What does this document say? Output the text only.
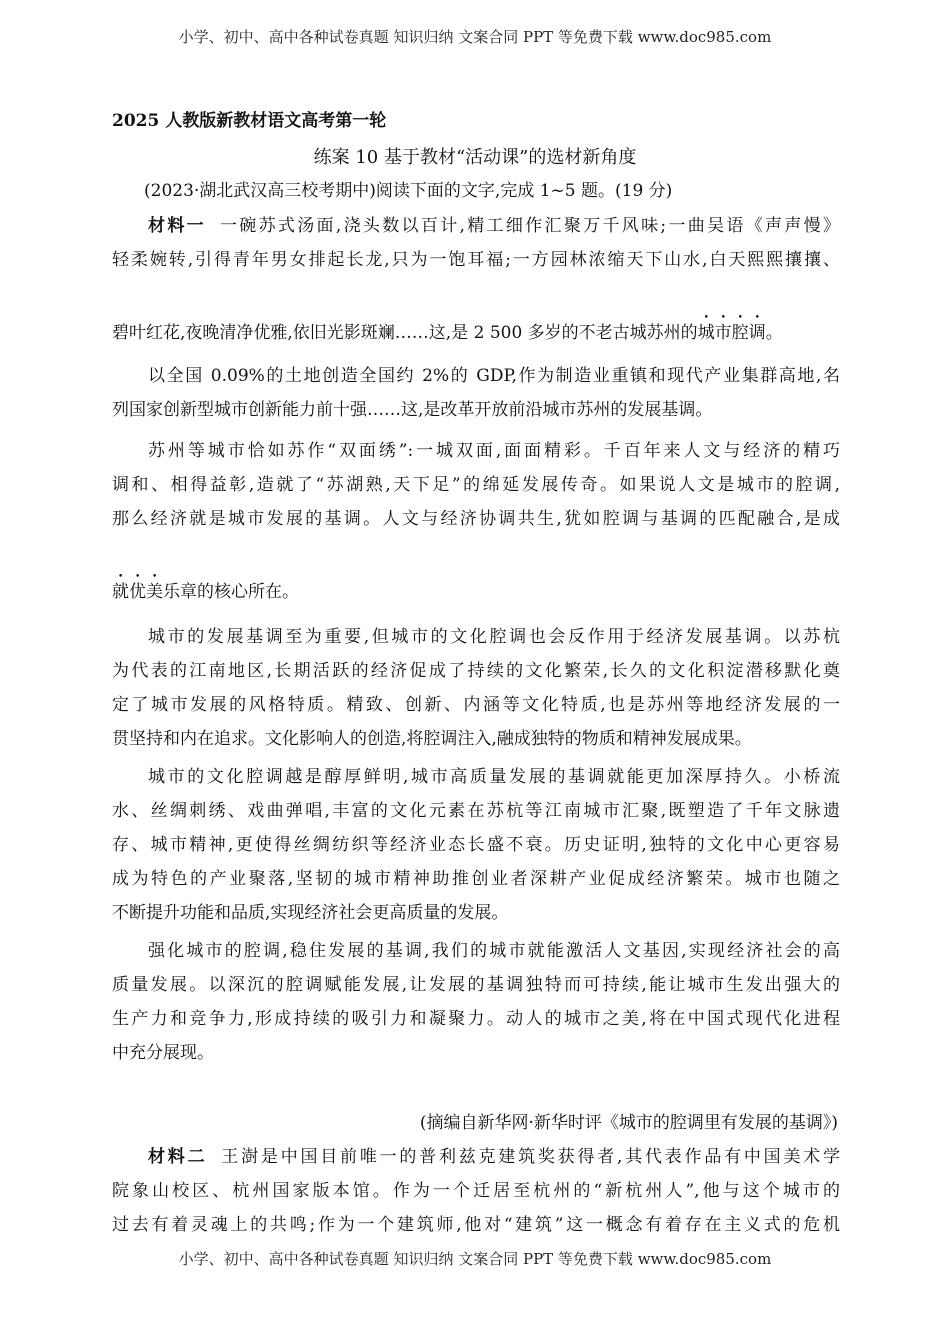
小学、初中、高中各种试卷真题 知识归纳 文案合同 PPT 等免费下载 www.doc985.com
2025 人教版新教材语文高考第一轮
练案 10 基于教材“活动课”的选材新角度
(2023·湖北武汉高三校考期中)阅读下面的文字,完成 1~5 题。(19 分)
材料一 一碗苏式汤面,浇头数以百计,精工细作汇聚万千风味;一曲吴语《声声慢》
轻柔婉转,引得青年男女排起长龙,只为一饱耳福;一方园林浓缩天下山水,白天熙熙攘攘、
碧叶红花,夜晚清净优雅,依旧光影斑斓……这,是 2 500 多岁的不老古城苏州的城市腔调。
以全国 0.09%的土地创造全国约 2%的 GDP,作为制造业重镇和现代产业集群高地,名
列国家创新型城市创新能力前十强……这,是改革开放前沿城市苏州的发展基调。
苏州等城市恰如苏作“双面绣”:一城双面,面面精彩。千百年来人文与经济的精巧
调和、相得益彰,造就了“苏湖熟,天下足”的绵延发展传奇。如果说人文是城市的腔调,
那么经济就是城市发展的基调。人文与经济协调共生,犹如腔调与基调的匹配融合,是成
就优美乐章的核心所在。
城市的发展基调至为重要,但城市的文化腔调也会反作用于经济发展基调。以苏杭
为代表的江南地区,长期活跃的经济促成了持续的文化繁荣,长久的文化积淀潜移默化奠
定了城市发展的风格特质。精致、创新、内涵等文化特质,也是苏州等地经济发展的一
贯坚持和内在追求。文化影响人的创造,将腔调注入,融成独特的物质和精神发展成果。
城市的文化腔调越是醇厚鲜明,城市高质量发展的基调就能更加深厚持久。小桥流
水、丝绸刺绣、戏曲弹唱,丰富的文化元素在苏杭等江南城市汇聚,既塑造了千年文脉遗
存、城市精神,更使得丝绸纺织等经济业态长盛不衰。历史证明,独特的文化中心更容易
成为特色的产业聚落,坚韧的城市精神助推创业者深耕产业促成经济繁荣。城市也随之
不断提升功能和品质,实现经济社会更高质量的发展。
强化城市的腔调,稳住发展的基调,我们的城市就能激活人文基因,实现经济社会的高
质量发展。以深沉的腔调赋能发展,让发展的基调独特而可持续,能让城市生发出强大的
生产力和竞争力,形成持续的吸引力和凝聚力。动人的城市之美,将在中国式现代化进程
中充分展现。
(摘编自新华网·新华时评《城市的腔调里有发展的基调》)
材料二 王澍是中国目前唯一的普利兹克建筑奖获得者,其代表作品有中国美术学
院象山校区、杭州国家版本馆。作为一个迁居至杭州的“新杭州人”,他与这个城市的
过去有着灵魂上的共鸣;作为一个建筑师,他对“建筑”这一概念有着存在主义式的危机
小学、初中、高中各种试卷真题 知识归纳 文案合同 PPT 等免费下载 www.doc985.com
